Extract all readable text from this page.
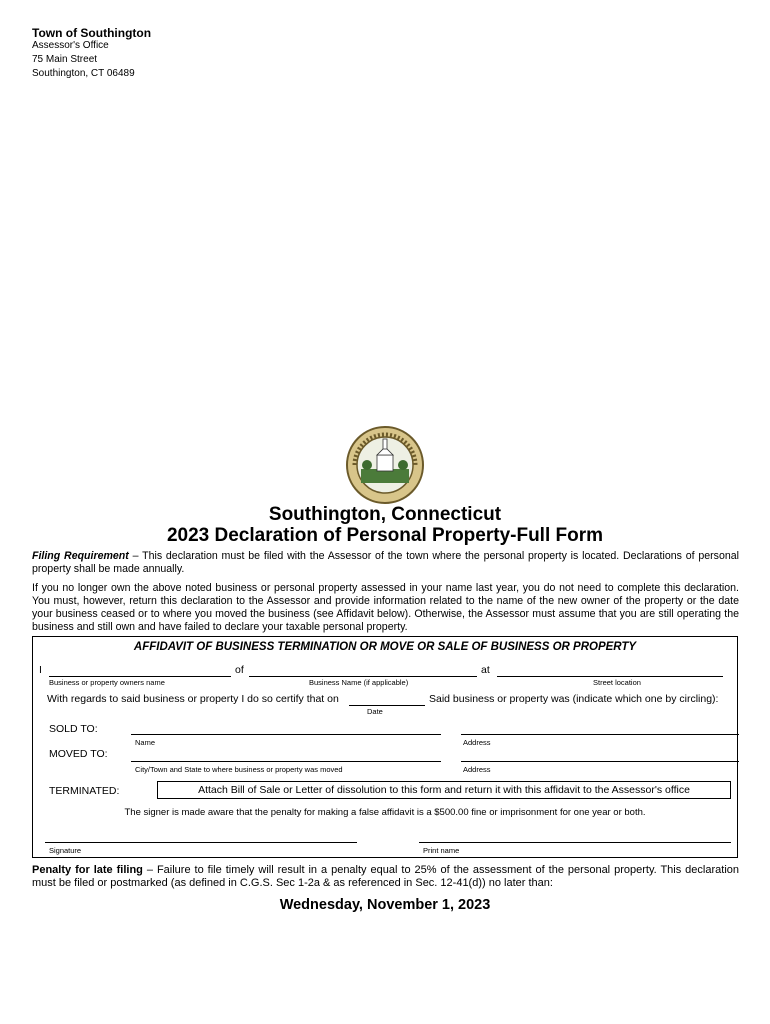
Town of Southington
Assessor's Office
75 Main Street
Southington, CT 06489
Southington, Connecticut
2023 Declaration of Personal Property-Full Form
Filing Requirement – This declaration must be filed with the Assessor of the town where the personal property is located. Declarations of personal property shall be made annually.
If you no longer own the above noted business or personal property assessed in your name last year, you do not need to complete this declaration. You must, however, return this declaration to the Assessor and provide information related to the name of the new owner of the property or the date your business ceased or to where you moved the business (see Affidavit below). Otherwise, the Assessor must assume that you are still operating the business and still own and have failed to declare your taxable personal property.
AFFIDAVIT OF BUSINESS TERMINATION OR MOVE OR SALE OF BUSINESS OR PROPERTY
I	of	at
Business or property owners name	Business Name (if applicable)	Street location
With regards to said business or property I do so certify that on	Said business or property was (indicate which one by circling):
Date
SOLD TO:
Name	Address
MOVED TO:
City/Town and State to where business or property was moved	Address
TERMINATED:	Attach Bill of Sale or Letter of dissolution to this form and return it with this affidavit to the Assessor's office
The signer is made aware that the penalty for making a false affidavit is a $500.00 fine or imprisonment for one year or both.
Signature	Print name
Penalty for late filing – Failure to file timely will result in a penalty equal to 25% of the assessment of the personal property. This declaration must be filed or postmarked (as defined in C.G.S. Sec 1-2a & as referenced in Sec. 12-41(d)) no later than:
Wednesday, November 1, 2023
